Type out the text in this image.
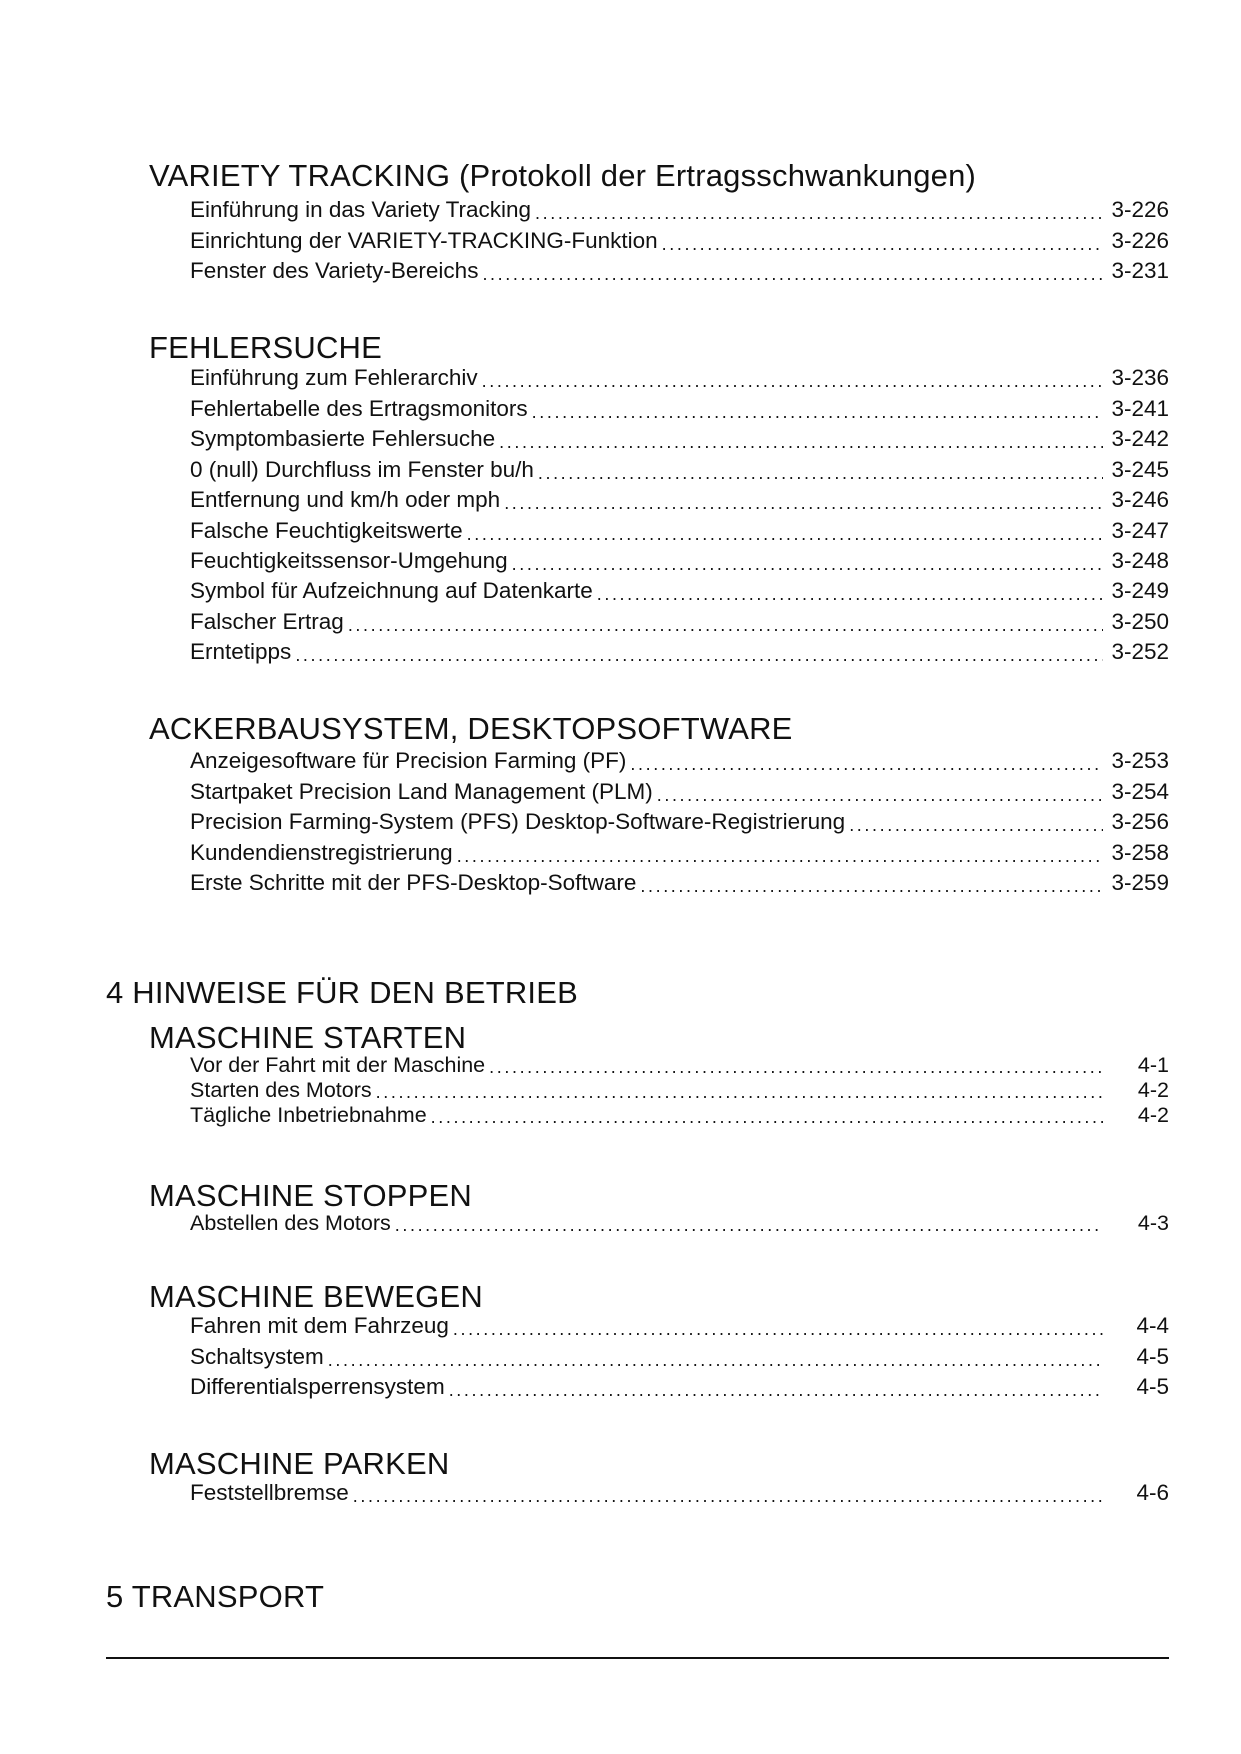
VARIETY TRACKING (Protokoll der Ertragsschwankungen)
Einführung in das Variety Tracking . . .	3-226
Einrichtung der VARIETY-TRACKING-Funktion . . .	3-226
Fenster des Variety-Bereichs . . .	3-231
FEHLERSUCHE
Einführung zum Fehlerarchiv . . .	3-236
Fehlertabelle des Ertragsmonitors . . .	3-241
Symptombasierte Fehlersuche . . .	3-242
0 (null) Durchfluss im Fenster bu/h . . .	3-245
Entfernung und km/h oder mph . . .	3-246
Falsche Feuchtigkeitswerte . . .	3-247
Feuchtigkeitssensor-Umgehung . . .	3-248
Symbol für Aufzeichnung auf Datenkarte . . .	3-249
Falscher Ertrag . . .	3-250
Erntetipps . . .	3-252
ACKERBAUSYSTEM, DESKTOPSOFTWARE
Anzeigesoftware für Precision Farming (PF) . . .	3-253
Startpaket Precision Land Management (PLM) . . .	3-254
Precision Farming-System (PFS) Desktop-Software-Registrierung . . .	3-256
Kundendienstregistrierung . . .	3-258
Erste Schritte mit der PFS-Desktop-Software . . .	3-259
4 HINWEISE FÜR DEN BETRIEB
MASCHINE STARTEN
Vor der Fahrt mit der Maschine . . .	4-1
Starten des Motors . . .	4-2
Tägliche Inbetriebnahme . . .	4-2
MASCHINE STOPPEN
Abstellen des Motors . . .	4-3
MASCHINE BEWEGEN
Fahren mit dem Fahrzeug . . .	4-4
Schaltsystem . . .	4-5
Differentialsperrensystem . . .	4-5
MASCHINE PARKEN
Feststellbremse . . .	4-6
5 TRANSPORT
